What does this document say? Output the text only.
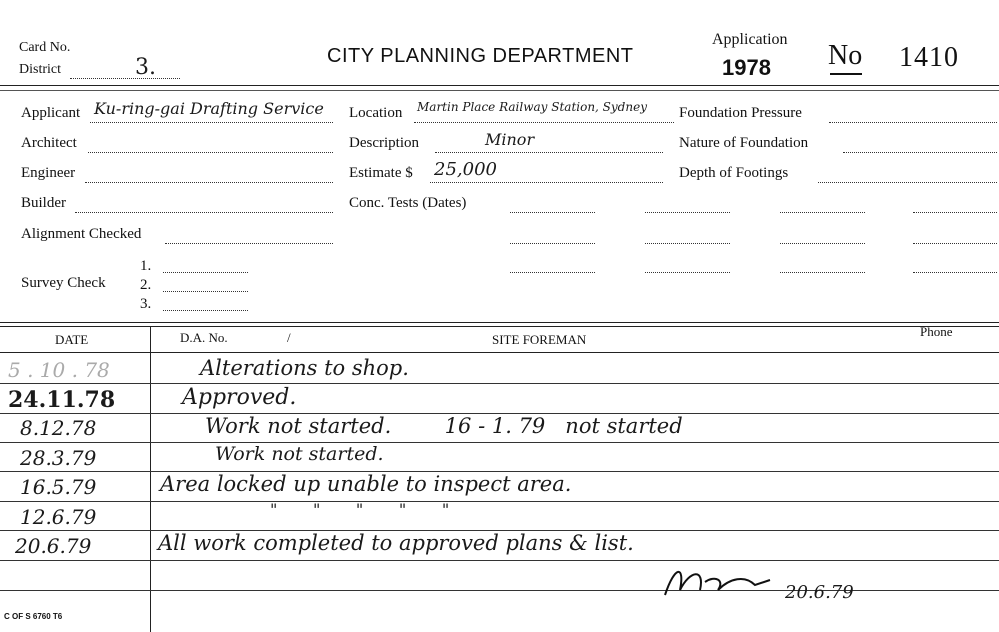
Card No.
District	3.	CITY PLANNING DEPARTMENT
Application
1978 No 1410
Applicant Ku-ring-gai Drafting Service
Architect
Engineer
Builder
Alignment Checked
Survey Check
1.
2.
3.
Location Martin Place Railway Station, Sydney
Description	Minor
Estimate $ 25,000
Conc. Tests (Dates)
Foundation Pressure
Nature of Foundation
Depth of Footings
DATE	D.A. No.	/	SITE FOREMAN
Phone
5 . 10 . 78	Alterations to shop.
24.11.78	Approved.
8.12.78	Work not started.        16 - 1. 79   not started
28.3.79	Work not started.
16.5.79	Area locked up unable to inspect area.
12.6.79	"       "       "       "       "
20.6.79	All work completed to approved plans & list.
20.6.79
C OF S 6760 T6
